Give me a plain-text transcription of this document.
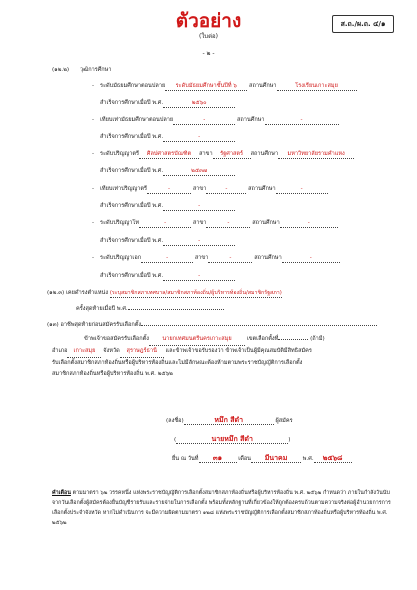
ตัวอย่าง	ส.ถ./ผ.ถ. ๔/๑
(ใบต่อ)
- ๒ -
(๑๒.๒) วุฒิการศึกษา
- ระดับมัธยมศึกษาตอนปลาย ระดับมัธยมศึกษาชั้นปีที่ ๖ สถานศึกษา	โรงเรียนเกาะสมุย
สำเร็จการศึกษาเมื่อปี พ.ศ.	๒๕๖๐
- เทียบเท่ามัธยมศึกษาตอนปลาย	-	สถานศึกษา	-
สำเร็จการศึกษาเมื่อปี พ.ศ.	-
- ระดับปริญญาตรี ศิลปศาสตรบัณฑิต สาขา รัฐศาสตร์ สถานศึกษา มหาวิทยาลัยรามคำแหง
สำเร็จการศึกษาเมื่อปี พ.ศ.	๒๕๓๗
- เทียบเท่าปริญญาตรี	-	สาขา	-	สถานศึกษา	-
สำเร็จการศึกษาเมื่อปี พ.ศ.	-
- ระดับปริญญาโท	-	สาขา	-	สถานศึกษา	-
สำเร็จการศึกษาเมื่อปี พ.ศ.	-
- ระดับปริญญาเอก	-	สาขา	-	สถานศึกษา	-
สำเร็จการศึกษาเมื่อปี พ.ศ.	-
(๑๒.๓) เคยดำรงตำแหน่ง (ระบุสมาชิกสภาเทศบาล/สมาชิกสภาท้องถิ่น/ผู้บริหารท้องถิ่น/สมาชิกรัฐสภา)
ครั้งสุดท้ายเมื่อปี พ.ศ.
(๑๓) อาชีพสุดท้ายก่อนสมัครรับเลือกตั้ง
ข้าพเจ้าขอสมัครรับเลือกตั้ง นายกเทศมนตรีนครเกาะสมุย	เขตเลือกตั้งที่	(ถ้ามี)
อำเภอ เกาะสมุย จังหวัด สุราษฎร์ธานี และข้าพเจ้าขอรับรองว่า ข้าพเจ้าเป็นผู้มีคุณสมบัติมีสิทธิสมัคร
รับเลือกตั้งสมาชิกสภาท้องถิ่นหรือผู้บริหารท้องถิ่นและไม่มีลักษณะต้องห้ามตามพระราชบัญญัติการเลือกตั้ง
สมาชิกสภาท้องถิ่นหรือผู้บริหารท้องถิ่น พ.ศ. ๒๕๖๒
(ลงชื่อ)	หมึก สีดำ	ผู้สมัคร
(	นายหมึก สีดำ	)
ยื่น ณ วันที่ ๓๑	เดือน มีนาคม	พ.ศ. ๒๕๖๘
คำเตือน ตามมาตรา ๖๒ วรรคหนึ่ง แห่งพระราชบัญญัติการเลือกตั้งสมาชิกสภาท้องถิ่นหรือผู้บริหารท้องถิ่น พ.ศ. ๒๕๖๒ กำหนดว่า ภายในกำลังวันนับจากวันเลือกตั้งผู้สมัครต้องยื่นบัญชีรายรับและรายจ่ายในการเลือกตั้ง พร้อมทั้งหลักฐานที่เกี่ยวข้องให้ถูกต้องครบถ้วนตามความจริงต่อผู้อำนวยการการเลือกตั้งประจำจังหวัด หากไม่ดำเนินการ จะมีความผิดตามมาตรา ๑๒๘ แห่งพระราชบัญญัติการเลือกตั้งสมาชิกสภาท้องถิ่นหรือผู้บริหารท้องถิ่น พ.ศ. ๒๕๖๒
